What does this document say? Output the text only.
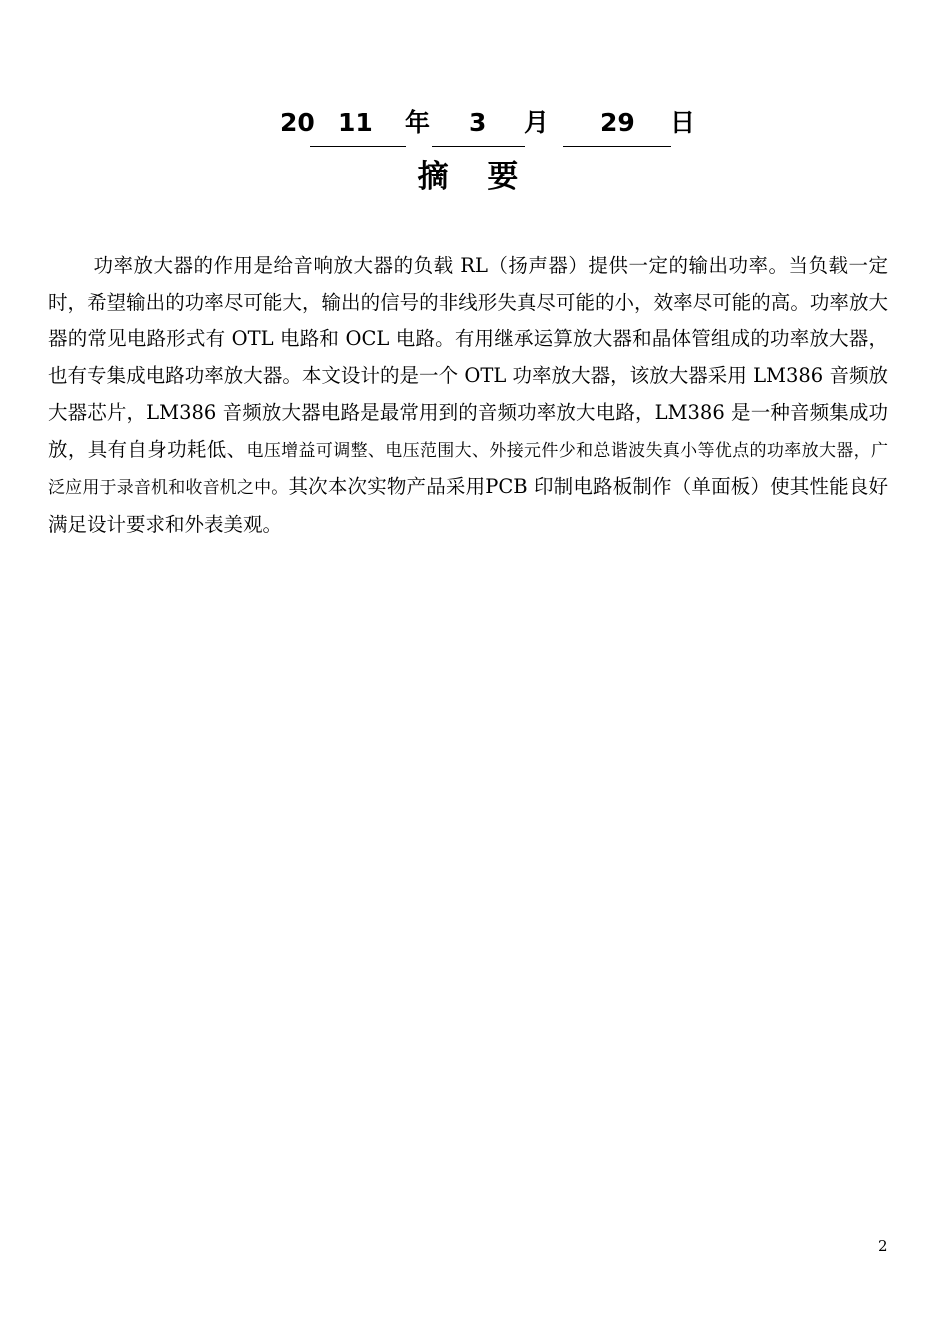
20 11 年 3 月 29 日
摘 要
功率放大器的作用是给音响放大器的负载 RL（扬声器）提供一定的输出功率。当负载一定时，希望输出的功率尽可能大，输出的信号的非线形失真尽可能的小，效率尽可能的高。功率放大器的常见电路形式有 OTL 电路和 OCL 电路。有用继承运算放大器和晶体管组成的功率放大器，也有专集成电路功率放大器。本文设计的是一个 OTL 功率放大器，该放大器采用 LM386 音频放大器芯片，LM386 音频放大器电路是最常用到的音频功率放大电路，LM386 是一种音频集成功放，具有自身功耗低、电压增益可调整、电压范围大、外接元件少和总谐波失真小等优点的功率放大器，广泛应用于录音机和收音机之中。其次本次实物产品采用PCB 印制电路板制作（单面板）使其性能良好满足设计要求和外表美观。
2
